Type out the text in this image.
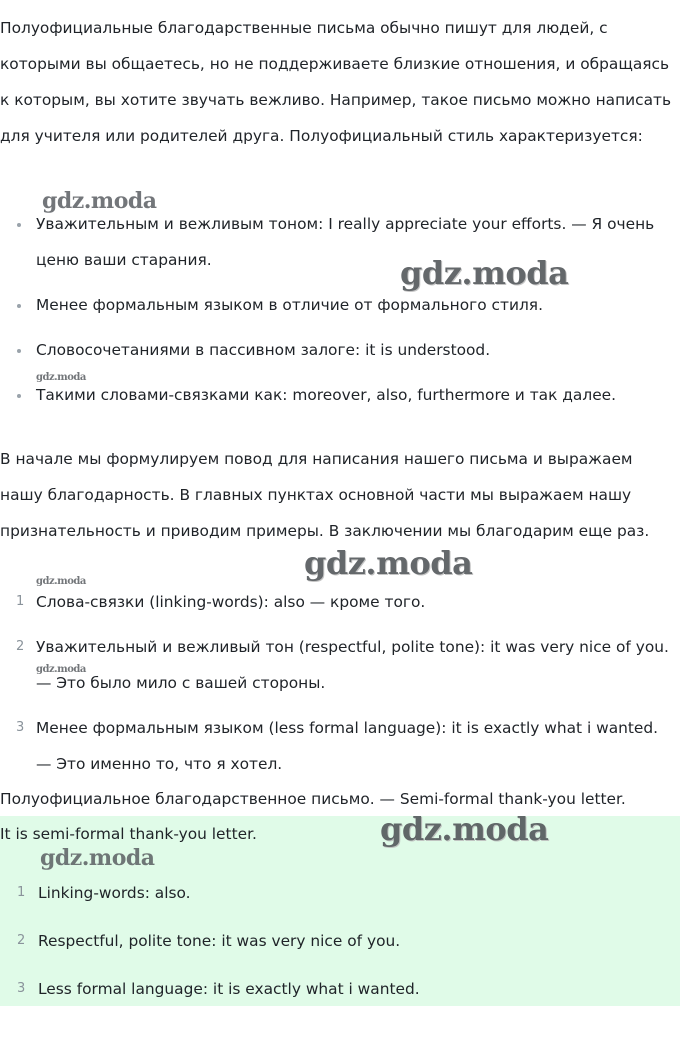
Полуофициальные благодарственные письма обычно пишут для людей, с которыми вы общаетесь, но не поддерживаете близкие отношения, и обращаясь к которым, вы хотите звучать вежливо. Например, такое письмо можно написать для учителя или родителей друга. Полуофициальный стиль характеризуется:

Уважительным и вежливым тоном: I really appreciate your efforts. — Я очень ценю ваши старания.
Менее формальным языком в отличие от формального стиля.
Словосочетаниями в пассивном залоге: it is understood.
Такими словами-связками как: moreover, also, furthermore и так далее.

В начале мы формулируем повод для написания нашего письма и выражаем нашу благодарность. В главных пунктах основной части мы выражаем нашу признательность и приводим примеры. В заключении мы благодарим еще раз.

1 Слова-связки (linking-words): also — кроме того.
2 Уважительный и вежливый тон (respectful, polite tone): it was very nice of you. — Это было мило с вашей стороны.
3 Менее формальным языком (less formal language): it is exactly what i wanted. — Это именно то, что я хотел.

Полуофициальное благодарственное письмо. — Semi-formal thank-you letter.

It is semi-formal thank-you letter.

1 Linking-words: also.
2 Respectful, polite tone: it was very nice of you.
3 Less formal language: it is exactly what i wanted.
gdz.moda
gdz.moda
gdz.moda
gdz.moda
gdz.moda
gdz.moda
gdz.moda
gdz.moda
